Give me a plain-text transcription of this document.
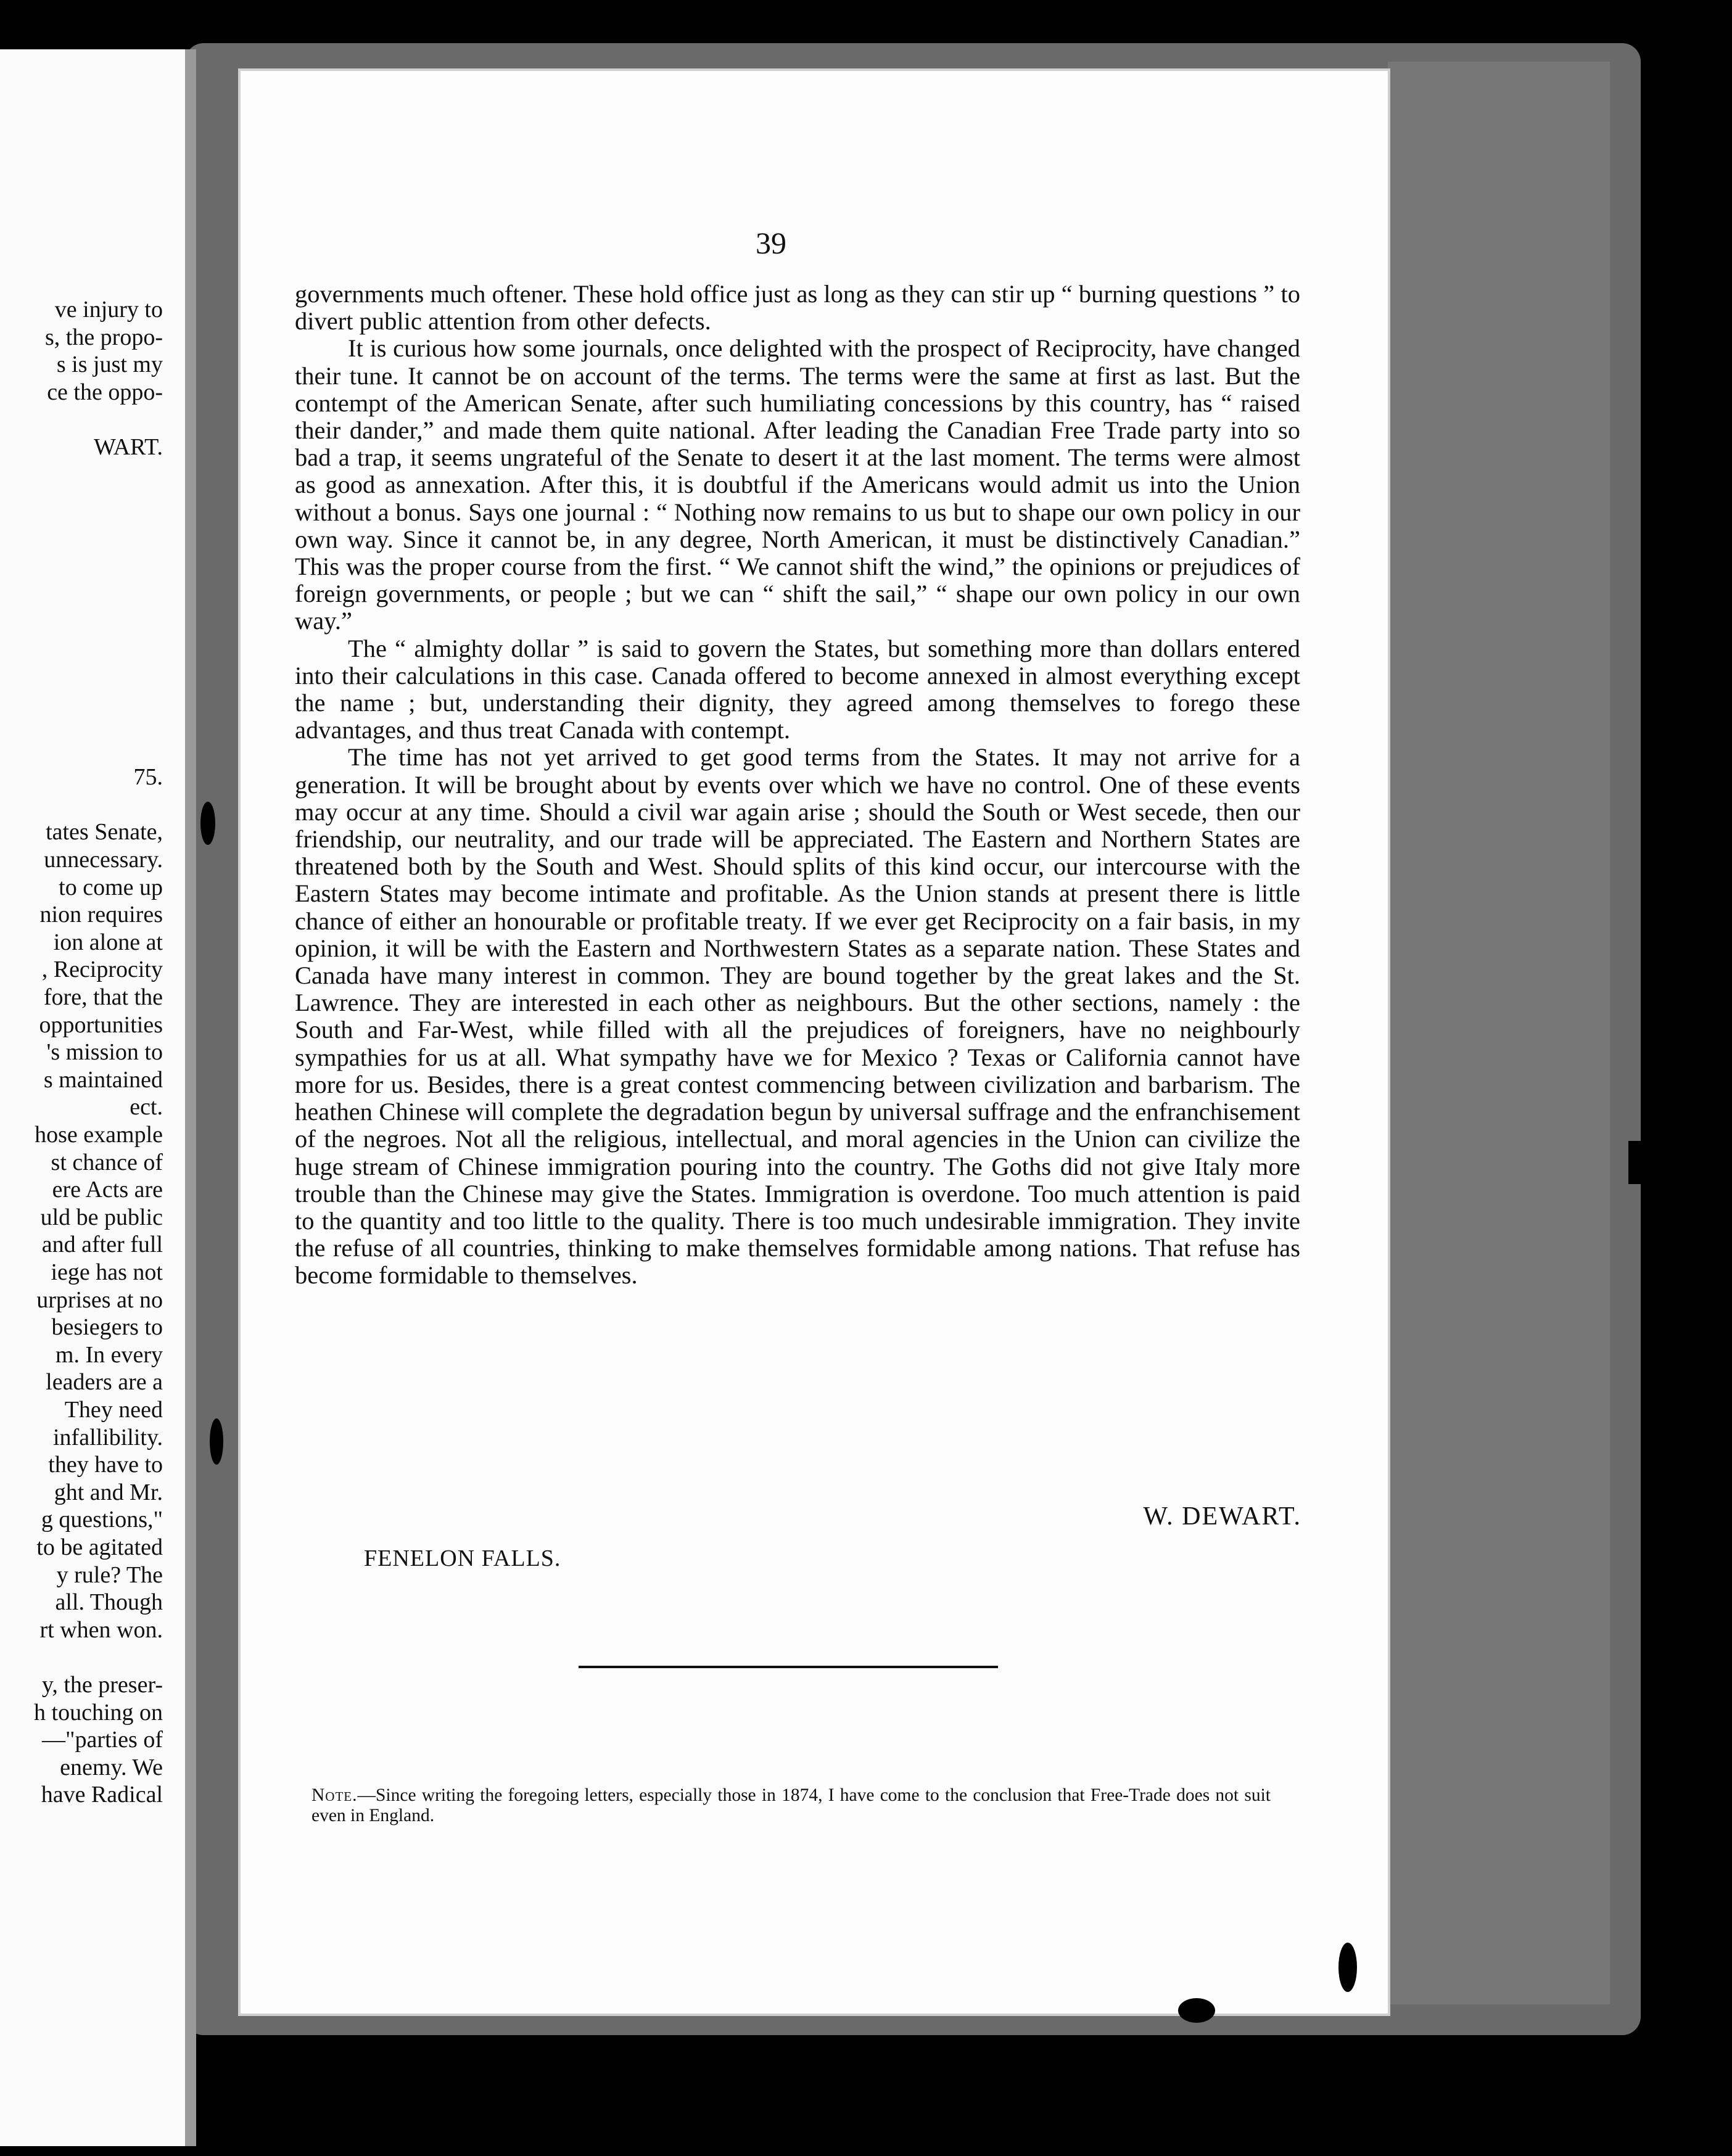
ve injury to
s, the propo-
s is just my
ce the oppo-
WART.
75.
tates Senate,
unnecessary.
to come up
nion requires
ion alone at
, Reciprocity
fore, that the
opportunities
's mission to
s maintained
ect.
hose example
st chance of
ere Acts are
uld be public
and after full
iege has not
urprises at no
besiegers to
m. In every
leaders are a
They need
infallibility.
they have to
ght and Mr.
g questions,"
to be agitated
y rule? The
all. Though
rt when won.
y, the preser-
h touching on
—"parties of
enemy. We
have Radical
39

governments much oftener. These hold office just as long as they can stir up “ burning questions ” to divert public attention from other defects.

It is curious how some journals, once delighted with the prospect of Reciprocity, have changed their tune. It cannot be on account of the terms. The terms were the same at first as last. But the contempt of the American Senate, after such humiliating concessions by this country, has “ raised their dander,” and made them quite national. After leading the Canadian Free Trade party into so bad a trap, it seems ungrateful of the Senate to desert it at the last moment. The terms were almost as good as annexation. After this, it is doubtful if the Americans would admit us into the Union without a bonus. Says one journal : “ Nothing now remains to us but to shape our own policy in our own way. Since it cannot be, in any degree, North American, it must be distinctively Canadian.” This was the proper course from the first. “ We cannot shift the wind,” the opinions or prejudices of foreign governments, or people ; but we can “ shift the sail,” “ shape our own policy in our own way.”

The “ almighty dollar ” is said to govern the States, but something more than dollars entered into their calculations in this case. Canada offered to become annexed in almost everything except the name ; but, understanding their dignity, they agreed among themselves to forego these advantages, and thus treat Canada with contempt.

The time has not yet arrived to get good terms from the States. It may not arrive for a generation. It will be brought about by events over which we have no control. One of these events may occur at any time. Should a civil war again arise ; should the South or West secede, then our friendship, our neutrality, and our trade will be appreciated. The Eastern and Northern States are threatened both by the South and West. Should splits of this kind occur, our intercourse with the Eastern States may become intimate and profitable. As the Union stands at present there is little chance of either an honourable or profitable treaty. If we ever get Reciprocity on a fair basis, in my opinion, it will be with the Eastern and Northwestern States as a separate nation. These States and Canada have many interest in common. They are bound together by the great lakes and the St. Lawrence. They are interested in each other as neighbours. But the other sections, namely : the South and Far-West, while filled with all the prejudices of foreigners, have no neighbourly sympathies for us at all. What sympathy have we for Mexico ? Texas or California cannot have more for us. Besides, there is a great contest commencing between civilization and barbarism. The heathen Chinese will complete the degradation begun by universal suffrage and the enfranchisement of the negroes. Not all the religious, intellectual, and moral agencies in the Union can civilize the huge stream of Chinese immigration pouring into the country. The Goths did not give Italy more trouble than the Chinese may give the States. Immigration is overdone. Too much attention is paid to the quantity and too little to the quality. There is too much undesirable immigration. They invite the refuse of all countries, thinking to make themselves formidable among nations. That refuse has become formidable to themselves.

W. DEWART.

FENELON FALLS.

Note.—Since writing the foregoing letters, especially those in 1874, I have come to the conclusion that Free-Trade does not suit even in England.
